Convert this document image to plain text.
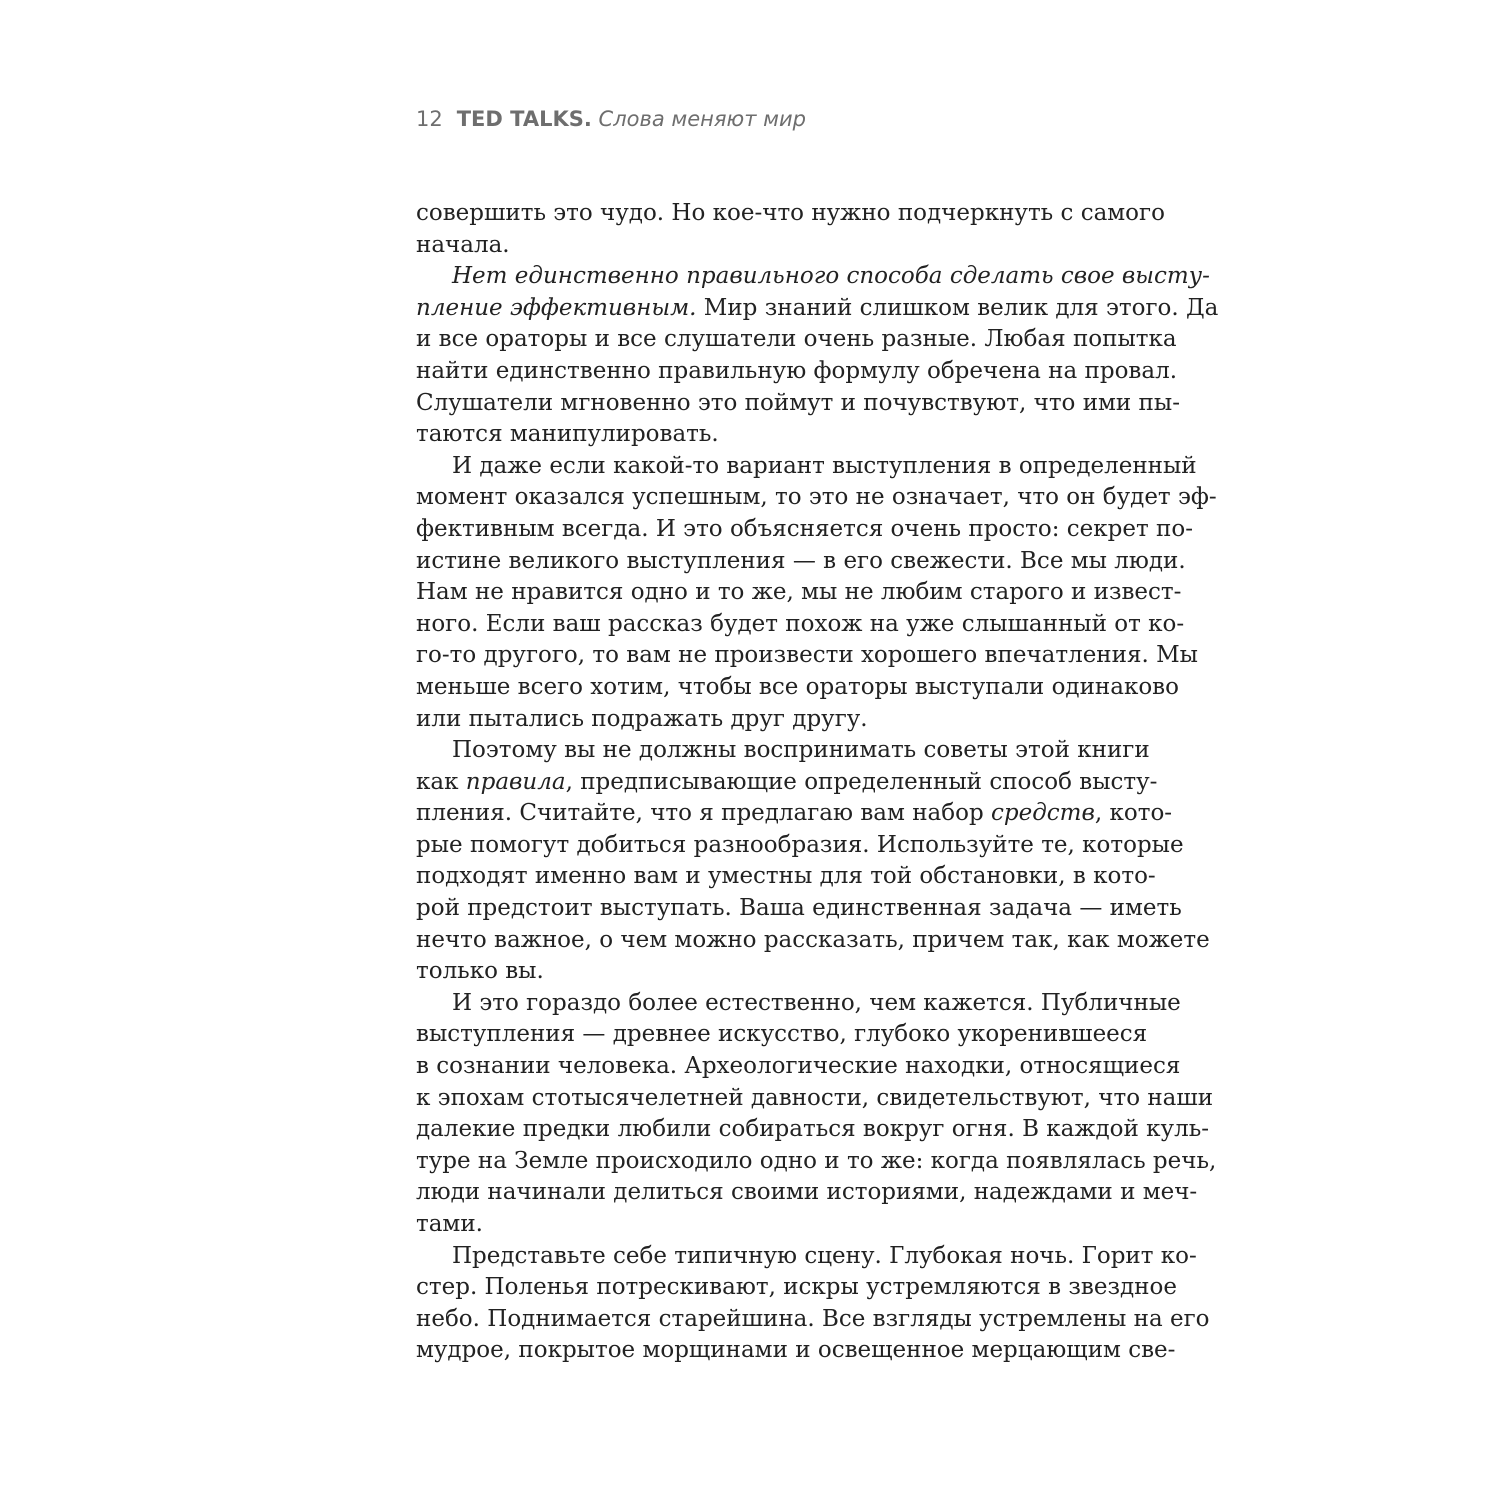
12 TED TALKS. Слова меняют мир
совершить это чудо. Но кое-что нужно подчеркнуть с самого
начала.
Нет единственно правильного способа сделать свое высту-
пление эффективным. Мир знаний слишком велик для этого. Да
и все ораторы и все слушатели очень разные. Любая попытка
найти единственно правильную формулу обречена на провал.
Слушатели мгновенно это поймут и почувствуют, что ими пы-
таются манипулировать.
И даже если какой-то вариант выступления в определенный
момент оказался успешным, то это не означает, что он будет эф-
фективным всегда. И это объясняется очень просто: секрет по-
истине великого выступления — в его свежести. Все мы люди.
Нам не нравится одно и то же, мы не любим старого и извест-
ного. Если ваш рассказ будет похож на уже слышанный от ко-
го-то другого, то вам не произвести хорошего впечатления. Мы
меньше всего хотим, чтобы все ораторы выступали одинаково
или пытались подражать друг другу.
Поэтому вы не должны воспринимать советы этой книги
как правила, предписывающие определенный способ высту-
пления. Считайте, что я предлагаю вам набор средств, кото-
рые помогут добиться разнообразия. Используйте те, которые
подходят именно вам и уместны для той обстановки, в кото-
рой предстоит выступать. Ваша единственная задача — иметь
нечто важное, о чем можно рассказать, причем так, как можете
только вы.
И это гораздо более естественно, чем кажется. Публичные
выступления — древнее искусство, глубоко укоренившееся
в сознании человека. Археологические находки, относящиеся
к эпохам стотысячелетней давности, свидетельствуют, что наши
далекие предки любили собираться вокруг огня. В каждой куль-
туре на Земле происходило одно и то же: когда появлялась речь,
люди начинали делиться своими историями, надеждами и меч-
тами.
Представьте себе типичную сцену. Глубокая ночь. Горит ко-
стер. Поленья потрескивают, искры устремляются в звездное
небо. Поднимается старейшина. Все взгляды устремлены на его
мудрое, покрытое морщинами и освещенное мерцающим све-
